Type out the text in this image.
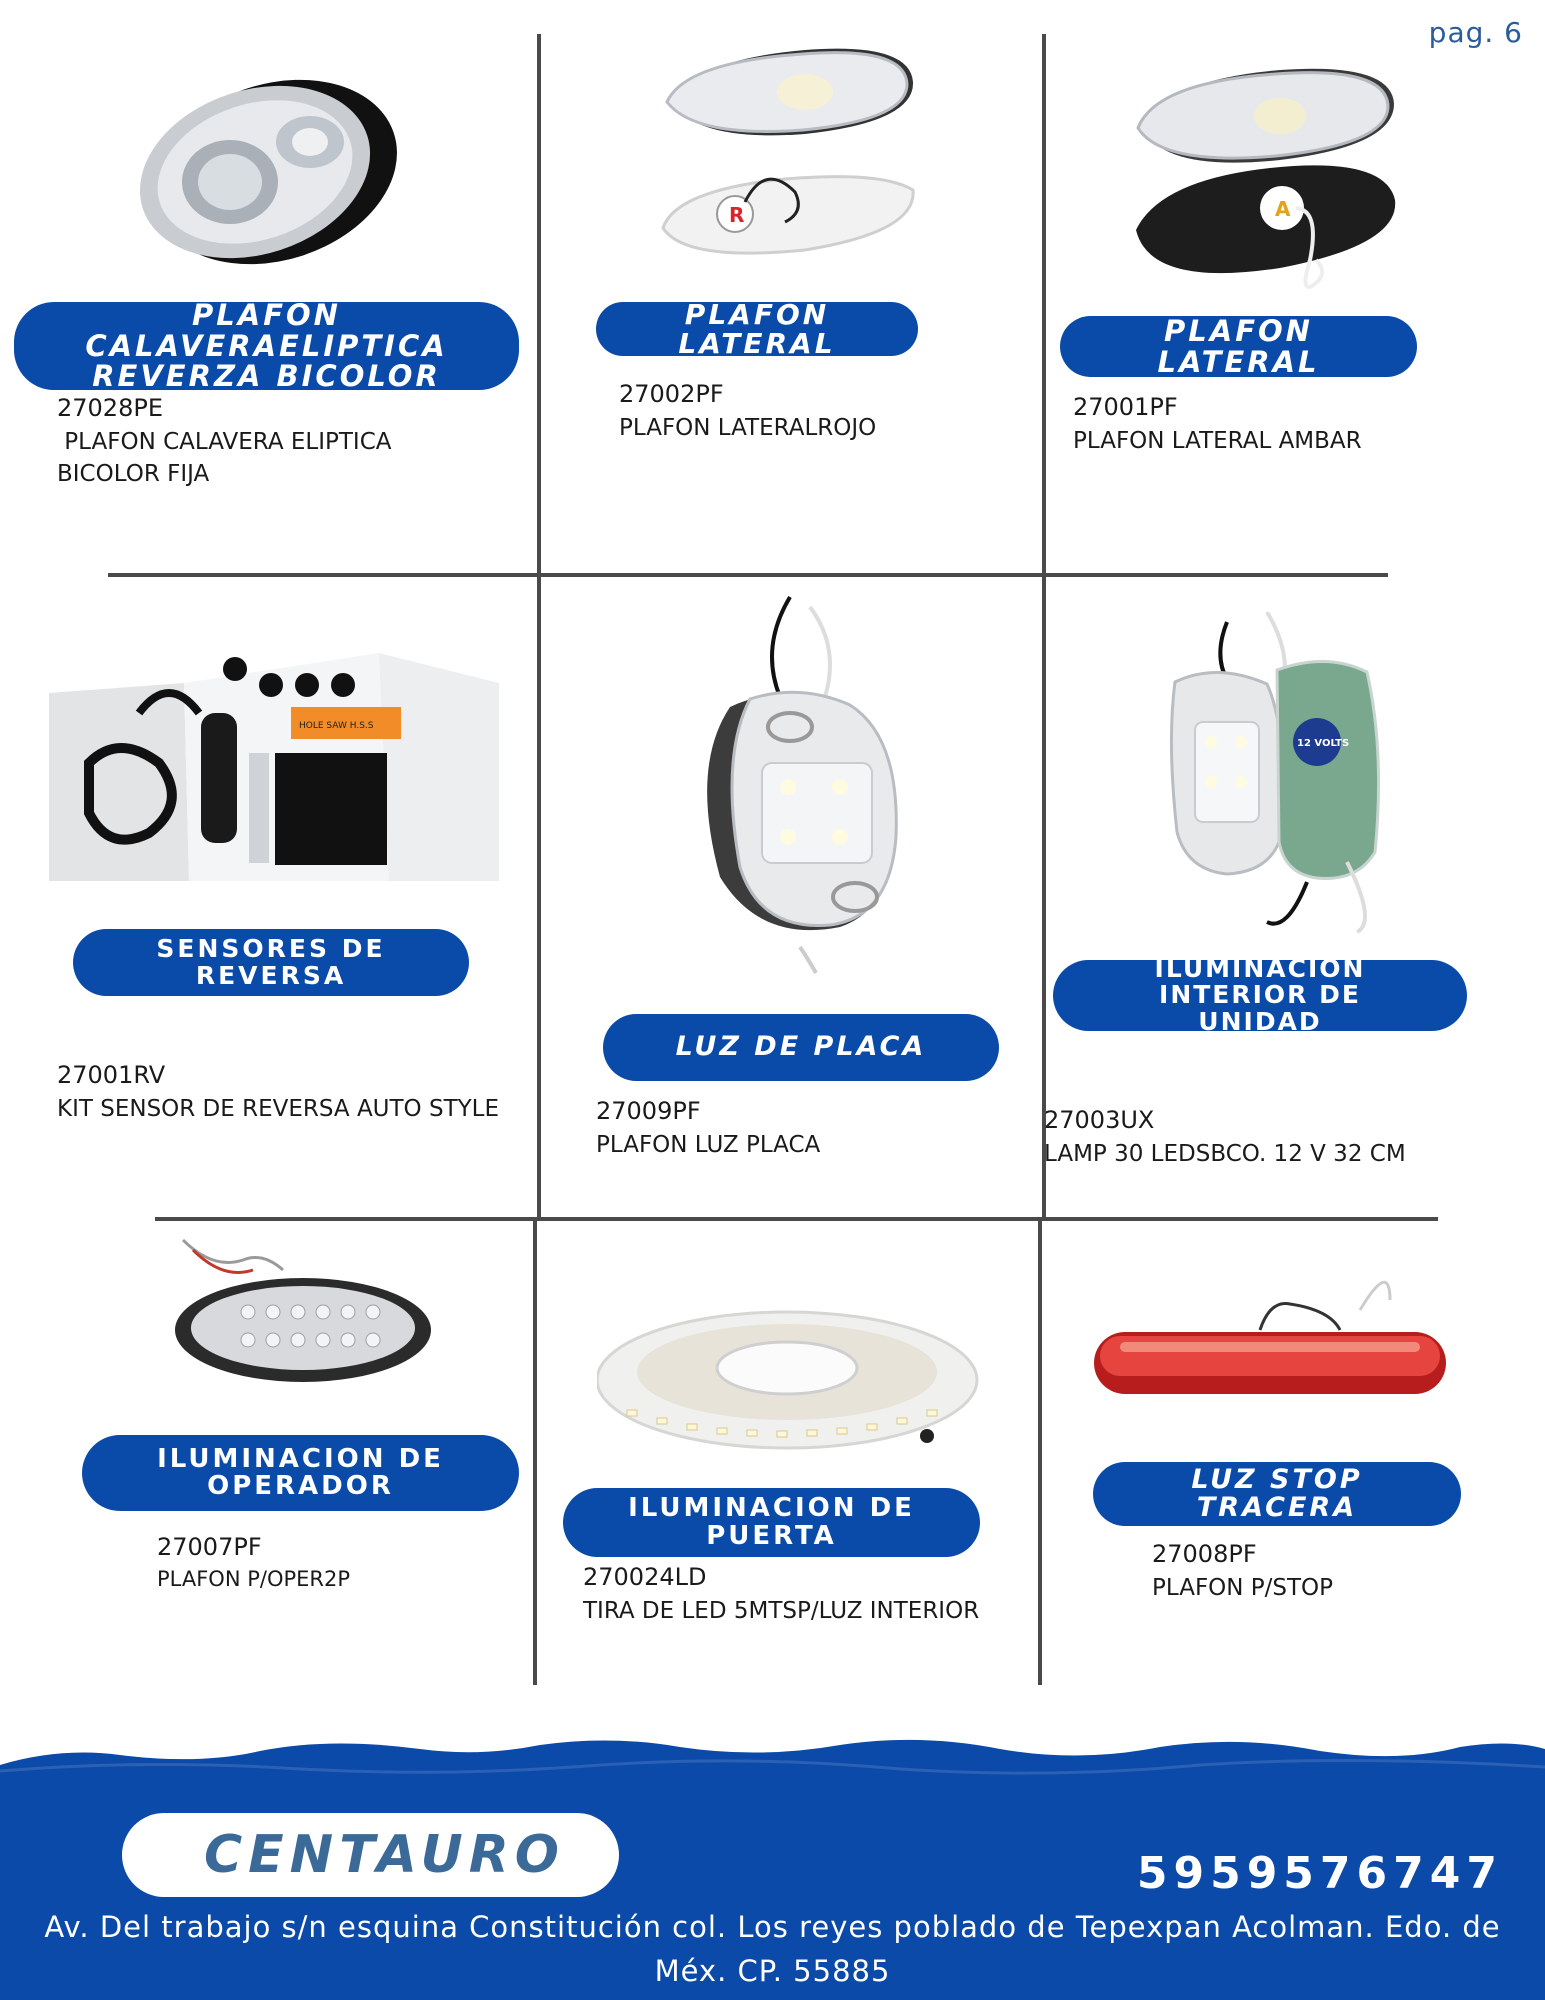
pag. 6
PLAFON CALAVERAELIPTICA
REVERZA BICOLOR
27028PE
PLAFON CALAVERA ELIPTICA
BICOLOR FIJA
R
PLAFON LATERAL
27002PF
PLAFON LATERALROJO
A
PLAFON LATERAL
27001PF
PLAFON LATERAL AMBAR
HOLE SAW H.S.S
SENSORES DE REVERSA
27001RV
KIT SENSOR DE REVERSA AUTO STYLE
LUZ DE PLACA
27009PF
PLAFON LUZ PLACA
12 VOLTS
ILUMINACION INTERIOR DE
UNIDAD
27003UX
LAMP 30 LEDSBCO. 12 V 32 CM
ILUMINACION DE
OPERADOR
27007PF
PLAFON P/OPER2P
ILUMINACION DE
PUERTA
270024LD
TIRA DE LED 5MTSP/LUZ INTERIOR
LUZ STOP TRACERA
27008PF
PLAFON P/STOP
CENTAURO	5959576747
Av. Del trabajo s/n esquina Constitución col. Los reyes poblado de Tepexpan Acolman. Edo. de Méx. CP. 55885
